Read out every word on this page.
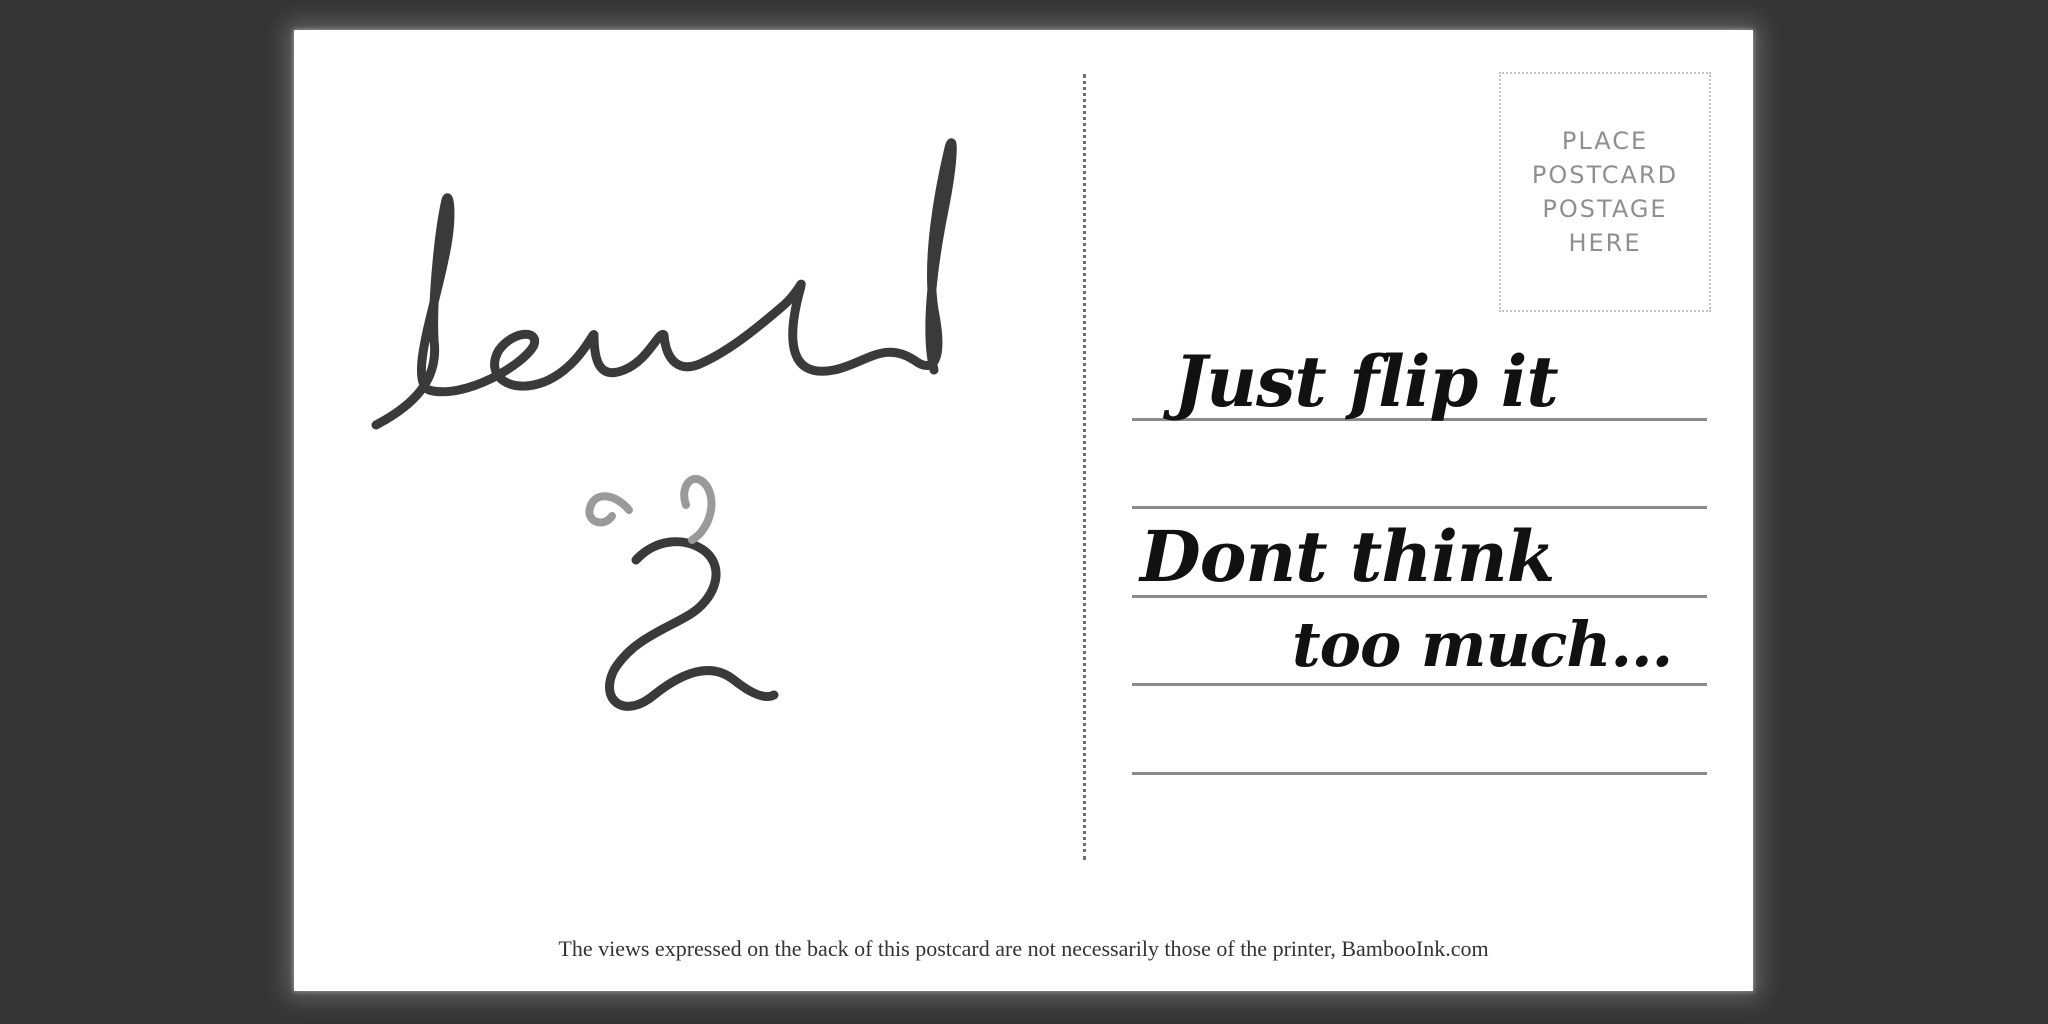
PLACE
POSTCARD
POSTAGE
HERE
Just flip it
Dont think
too much...
The views expressed on the back of this postcard are not necessarily those of the printer, BambooInk.com
